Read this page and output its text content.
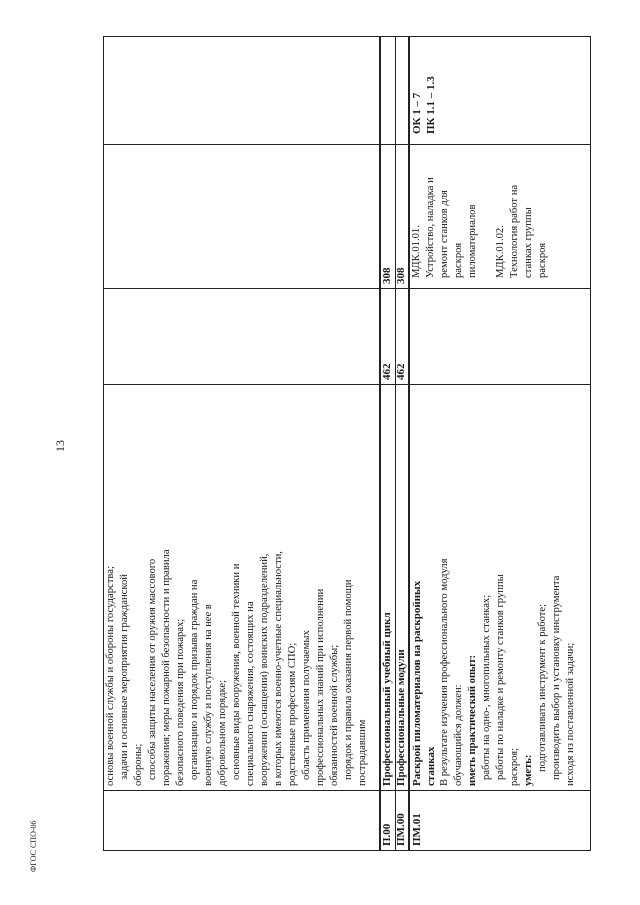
13
ФГОС СПО-06
основы военной службы и обороны государства; задачи и основные мероприятия гражданской обороны; способы защиты населения от оружия массового поражения; меры пожарной безопасности и правила безопасного поведения при пожарах; организацию и порядок призыва граждан на военную службу и поступления на нее в добровольном порядке; основные виды вооружения, военной техники и специального снаряжения, состоящих на вооружении (оснащении) воинских подразделений, в которых имеются военно-учетные специальности, родственные профессиям СПО; область применения получаемых профессиональных знаний при исполнении обязанностей военной службы; порядок и правила оказания первой помощи пострадавшим
П.00
Профессиональный учебный цикл
462
308
ПМ.00
Профессиональные модули
462
308
ПМ.01
Раскрой пиломатериалов на раскройных станках В результате изучения профессионального модуля обучающийся должен: иметь практический опыт: работы на одно-, многопильных станках; работы по наладке и ремонту станков группы раскроя; уметь: подготавливать инструмент к работе; производить выбор и установку инструмента исходя из поставленной задачи;
МДК.01.01. Устройство, наладка и ремонт станков для раскроя пиломатериалов МДК.01.02. Технология работ на станках группы раскроя
ОК 1 – 7 ПК 1.1 – 1.3
